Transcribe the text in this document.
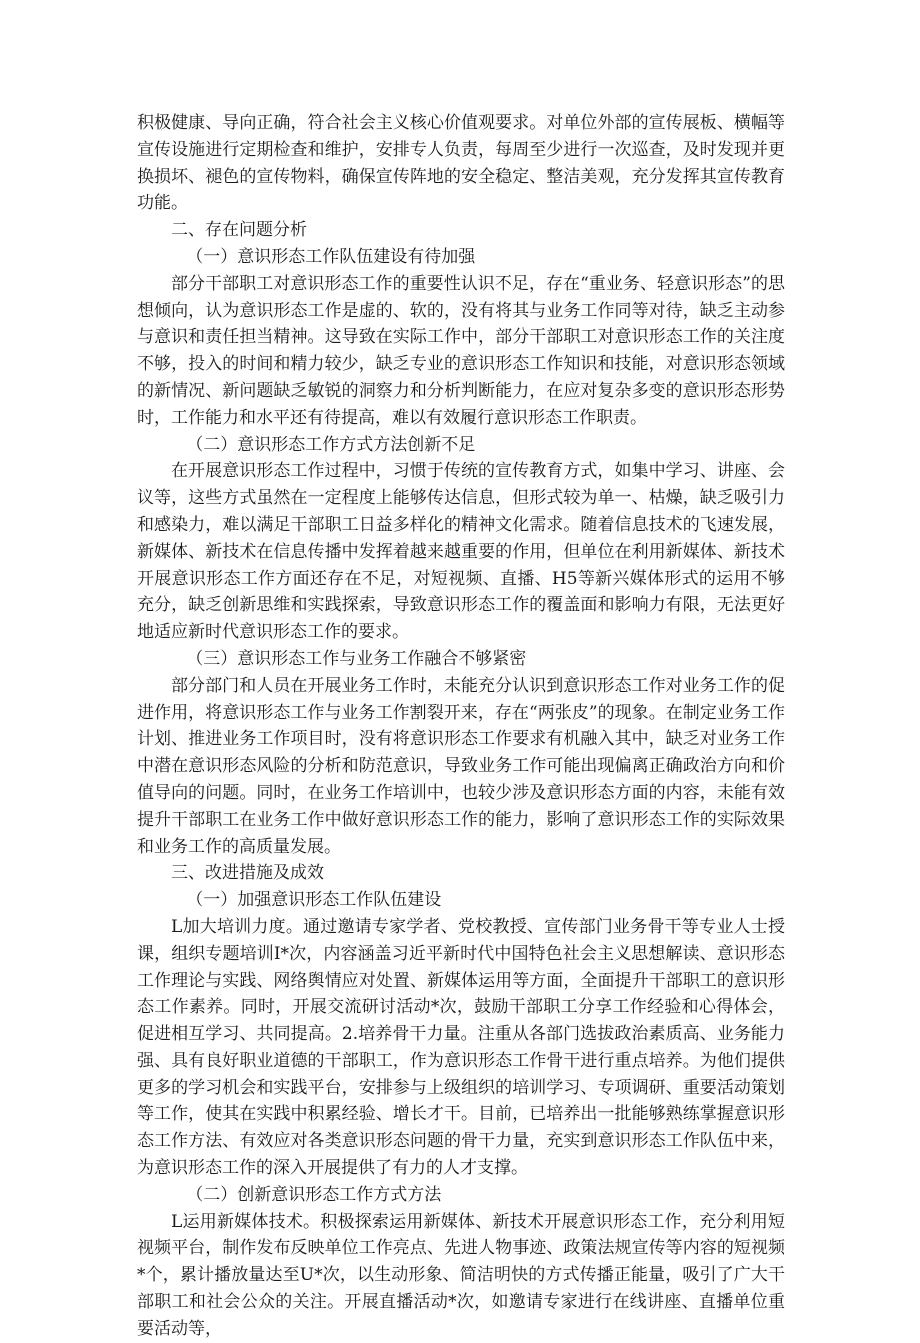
积极健康、导向正确，符合社会主义核心价值观要求。对单位外部的宣传展板、横幅等宣传设施进行定期检查和维护，安排专人负责，每周至少进行一次巡查，及时发现并更换损坏、褪色的宣传物料，确保宣传阵地的安全稳定、整洁美观，充分发挥其宣传教育功能。

二、存在问题分析

（一）意识形态工作队伍建设有待加强

部分干部职工对意识形态工作的重要性认识不足，存在“重业务、轻意识形态”的思想倾向，认为意识形态工作是虚的、软的，没有将其与业务工作同等对待，缺乏主动参与意识和责任担当精神。这导致在实际工作中，部分干部职工对意识形态工作的关注度不够，投入的时间和精力较少，缺乏专业的意识形态工作知识和技能，对意识形态领域的新情况、新问题缺乏敏锐的洞察力和分析判断能力，在应对复杂多变的意识形态形势时，工作能力和水平还有待提高，难以有效履行意识形态工作职责。

（二）意识形态工作方式方法创新不足

在开展意识形态工作过程中，习惯于传统的宣传教育方式，如集中学习、讲座、会议等，这些方式虽然在一定程度上能够传达信息，但形式较为单一、枯燥，缺乏吸引力和感染力，难以满足干部职工日益多样化的精神文化需求。随着信息技术的飞速发展，新媒体、新技术在信息传播中发挥着越来越重要的作用，但单位在利用新媒体、新技术开展意识形态工作方面还存在不足，对短视频、直播、H5等新兴媒体形式的运用不够充分，缺乏创新思维和实践探索，导致意识形态工作的覆盖面和影响力有限，无法更好地适应新时代意识形态工作的要求。

（三）意识形态工作与业务工作融合不够紧密

部分部门和人员在开展业务工作时，未能充分认识到意识形态工作对业务工作的促进作用，将意识形态工作与业务工作割裂开来，存在“两张皮”的现象。在制定业务工作计划、推进业务工作项目时，没有将意识形态工作要求有机融入其中，缺乏对业务工作中潜在意识形态风险的分析和防范意识，导致业务工作可能出现偏离正确政治方向和价值导向的问题。同时，在业务工作培训中，也较少涉及意识形态方面的内容，未能有效提升干部职工在业务工作中做好意识形态工作的能力，影响了意识形态工作的实际效果和业务工作的高质量发展。

三、改进措施及成效

（一）加强意识形态工作队伍建设

L加大培训力度。通过邀请专家学者、党校教授、宣传部门业务骨干等专业人士授课，组织专题培训I*次，内容涵盖习近平新时代中国特色社会主义思想解读、意识形态工作理论与实践、网络舆情应对处置、新媒体运用等方面，全面提升干部职工的意识形态工作素养。同时，开展交流研讨活动*次，鼓励干部职工分享工作经验和心得体会，促进相互学习、共同提高。2.培养骨干力量。注重从各部门选拔政治素质高、业务能力强、具有良好职业道德的干部职工，作为意识形态工作骨干进行重点培养。为他们提供更多的学习机会和实践平台，安排参与上级组织的培训学习、专项调研、重要活动策划等工作，使其在实践中积累经验、增长才干。目前，已培养出一批能够熟练掌握意识形态工作方法、有效应对各类意识形态问题的骨干力量，充实到意识形态工作队伍中来，为意识形态工作的深入开展提供了有力的人才支撑。

（二）创新意识形态工作方式方法

L运用新媒体技术。积极探索运用新媒体、新技术开展意识形态工作，充分利用短视频平台，制作发布反映单位工作亮点、先进人物事迹、政策法规宣传等内容的短视频*个，累计播放量达至U*次，以生动形象、简洁明快的方式传播正能量，吸引了广大干部职工和社会公众的关注。开展直播活动*次，如邀请专家进行在线讲座、直播单位重要活动等，
